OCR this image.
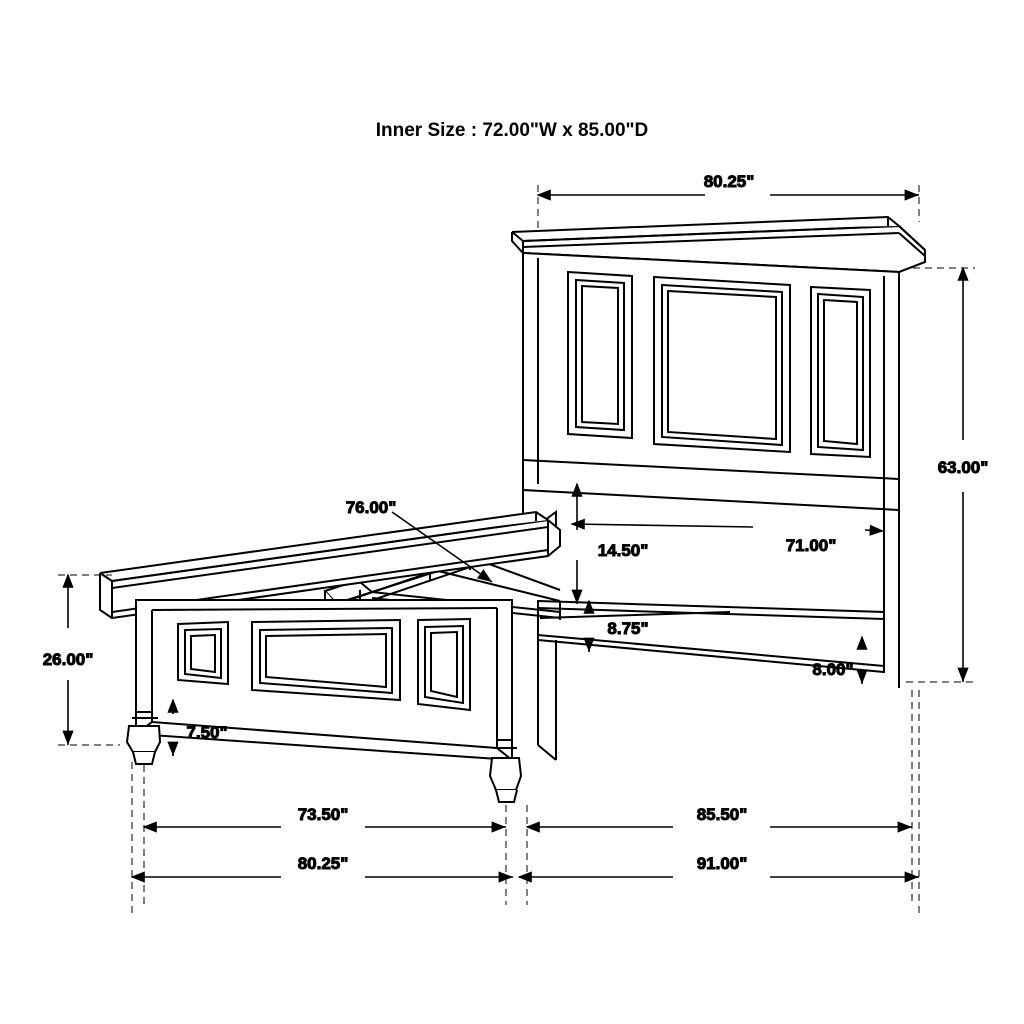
Inner Size : 72.00"W x 85.00"D
80.25"
63.00"
71.00"
14.50"
8.75"
8.00"
26.00"
7.50"
76.00"
73.50"	85.50"
80.25"	91.00"
